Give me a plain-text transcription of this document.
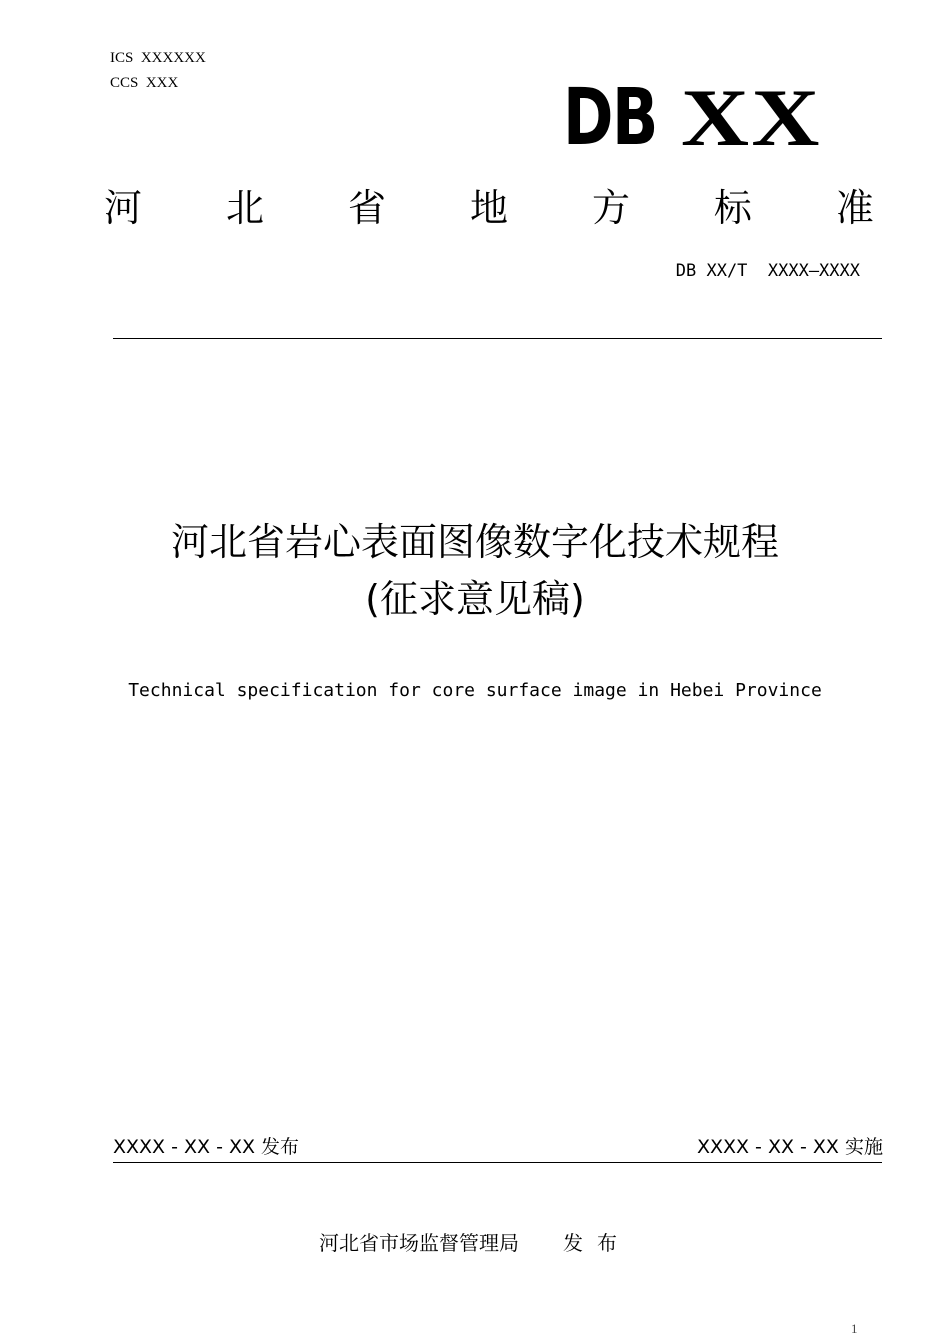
ICS  XXXXXX
CCS  XXX	DB XX
河 北 省 地 方 标 准
DB XX/T  XXXX—XXXX
河北省岩心表面图像数字化技术规程
(征求意见稿)
Technical specification for core surface image in Hebei Province
XXXX - XX - XX 发布	XXXX - XX - XX 实施
河北省市场监督管理局 发布
1
